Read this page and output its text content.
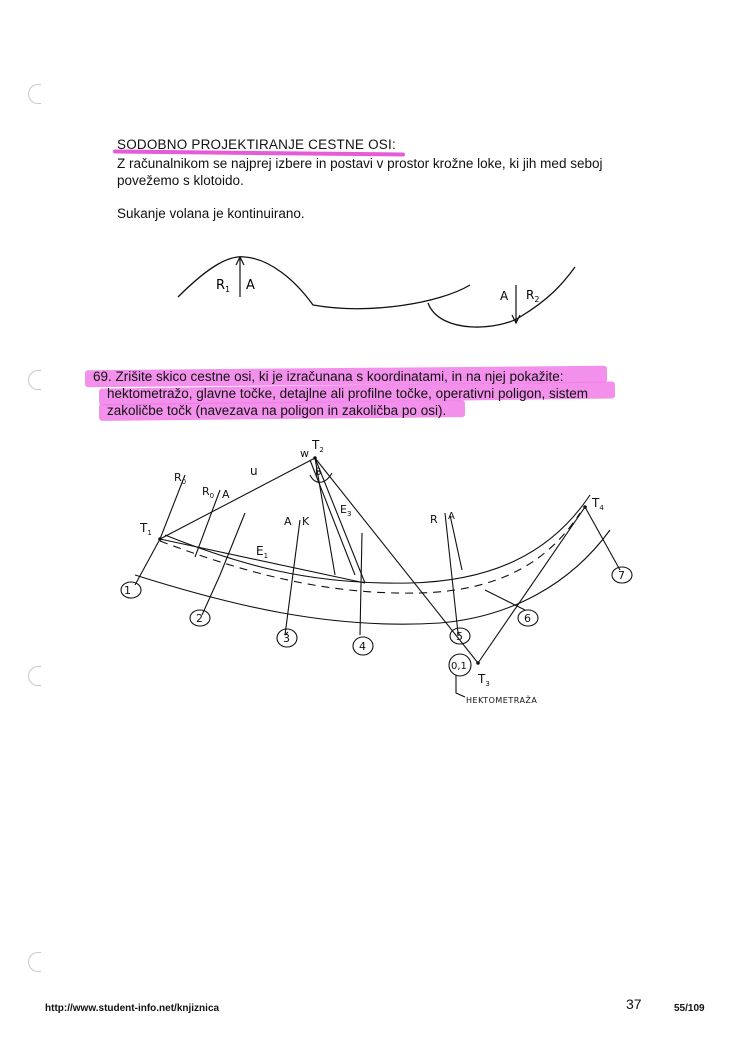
SODOBNO PROJEKTIRANJE CESTNE OSI:
Z računalnikom se najprej izbere in postavi v prostor krožne loke, ki jih med seboj
povežemo s klotoido.
Sukanje volana je kontinuirano.
$R_1$ A
A $R_2$
69. Zrišite skico cestne osi, ki je izračunana s koordinatami, in na njej pokažite:
hektometražo, glavne točke, detajlne ali profilne točke, operativni poligon, sistem
zakoličbe točk (navezava na poligon in zakoličba po osi).
1
2
3
4
5
0,1
6
7
$T_1$
$T_2$
$T_3$
$T_4$
w
u	β
$E_1$
$E_3$
$R_0$
$R_0$ A
A K	R A
HEKTOMETRAŽA
http://www.student-info.net/knjiznica	37	55/109
